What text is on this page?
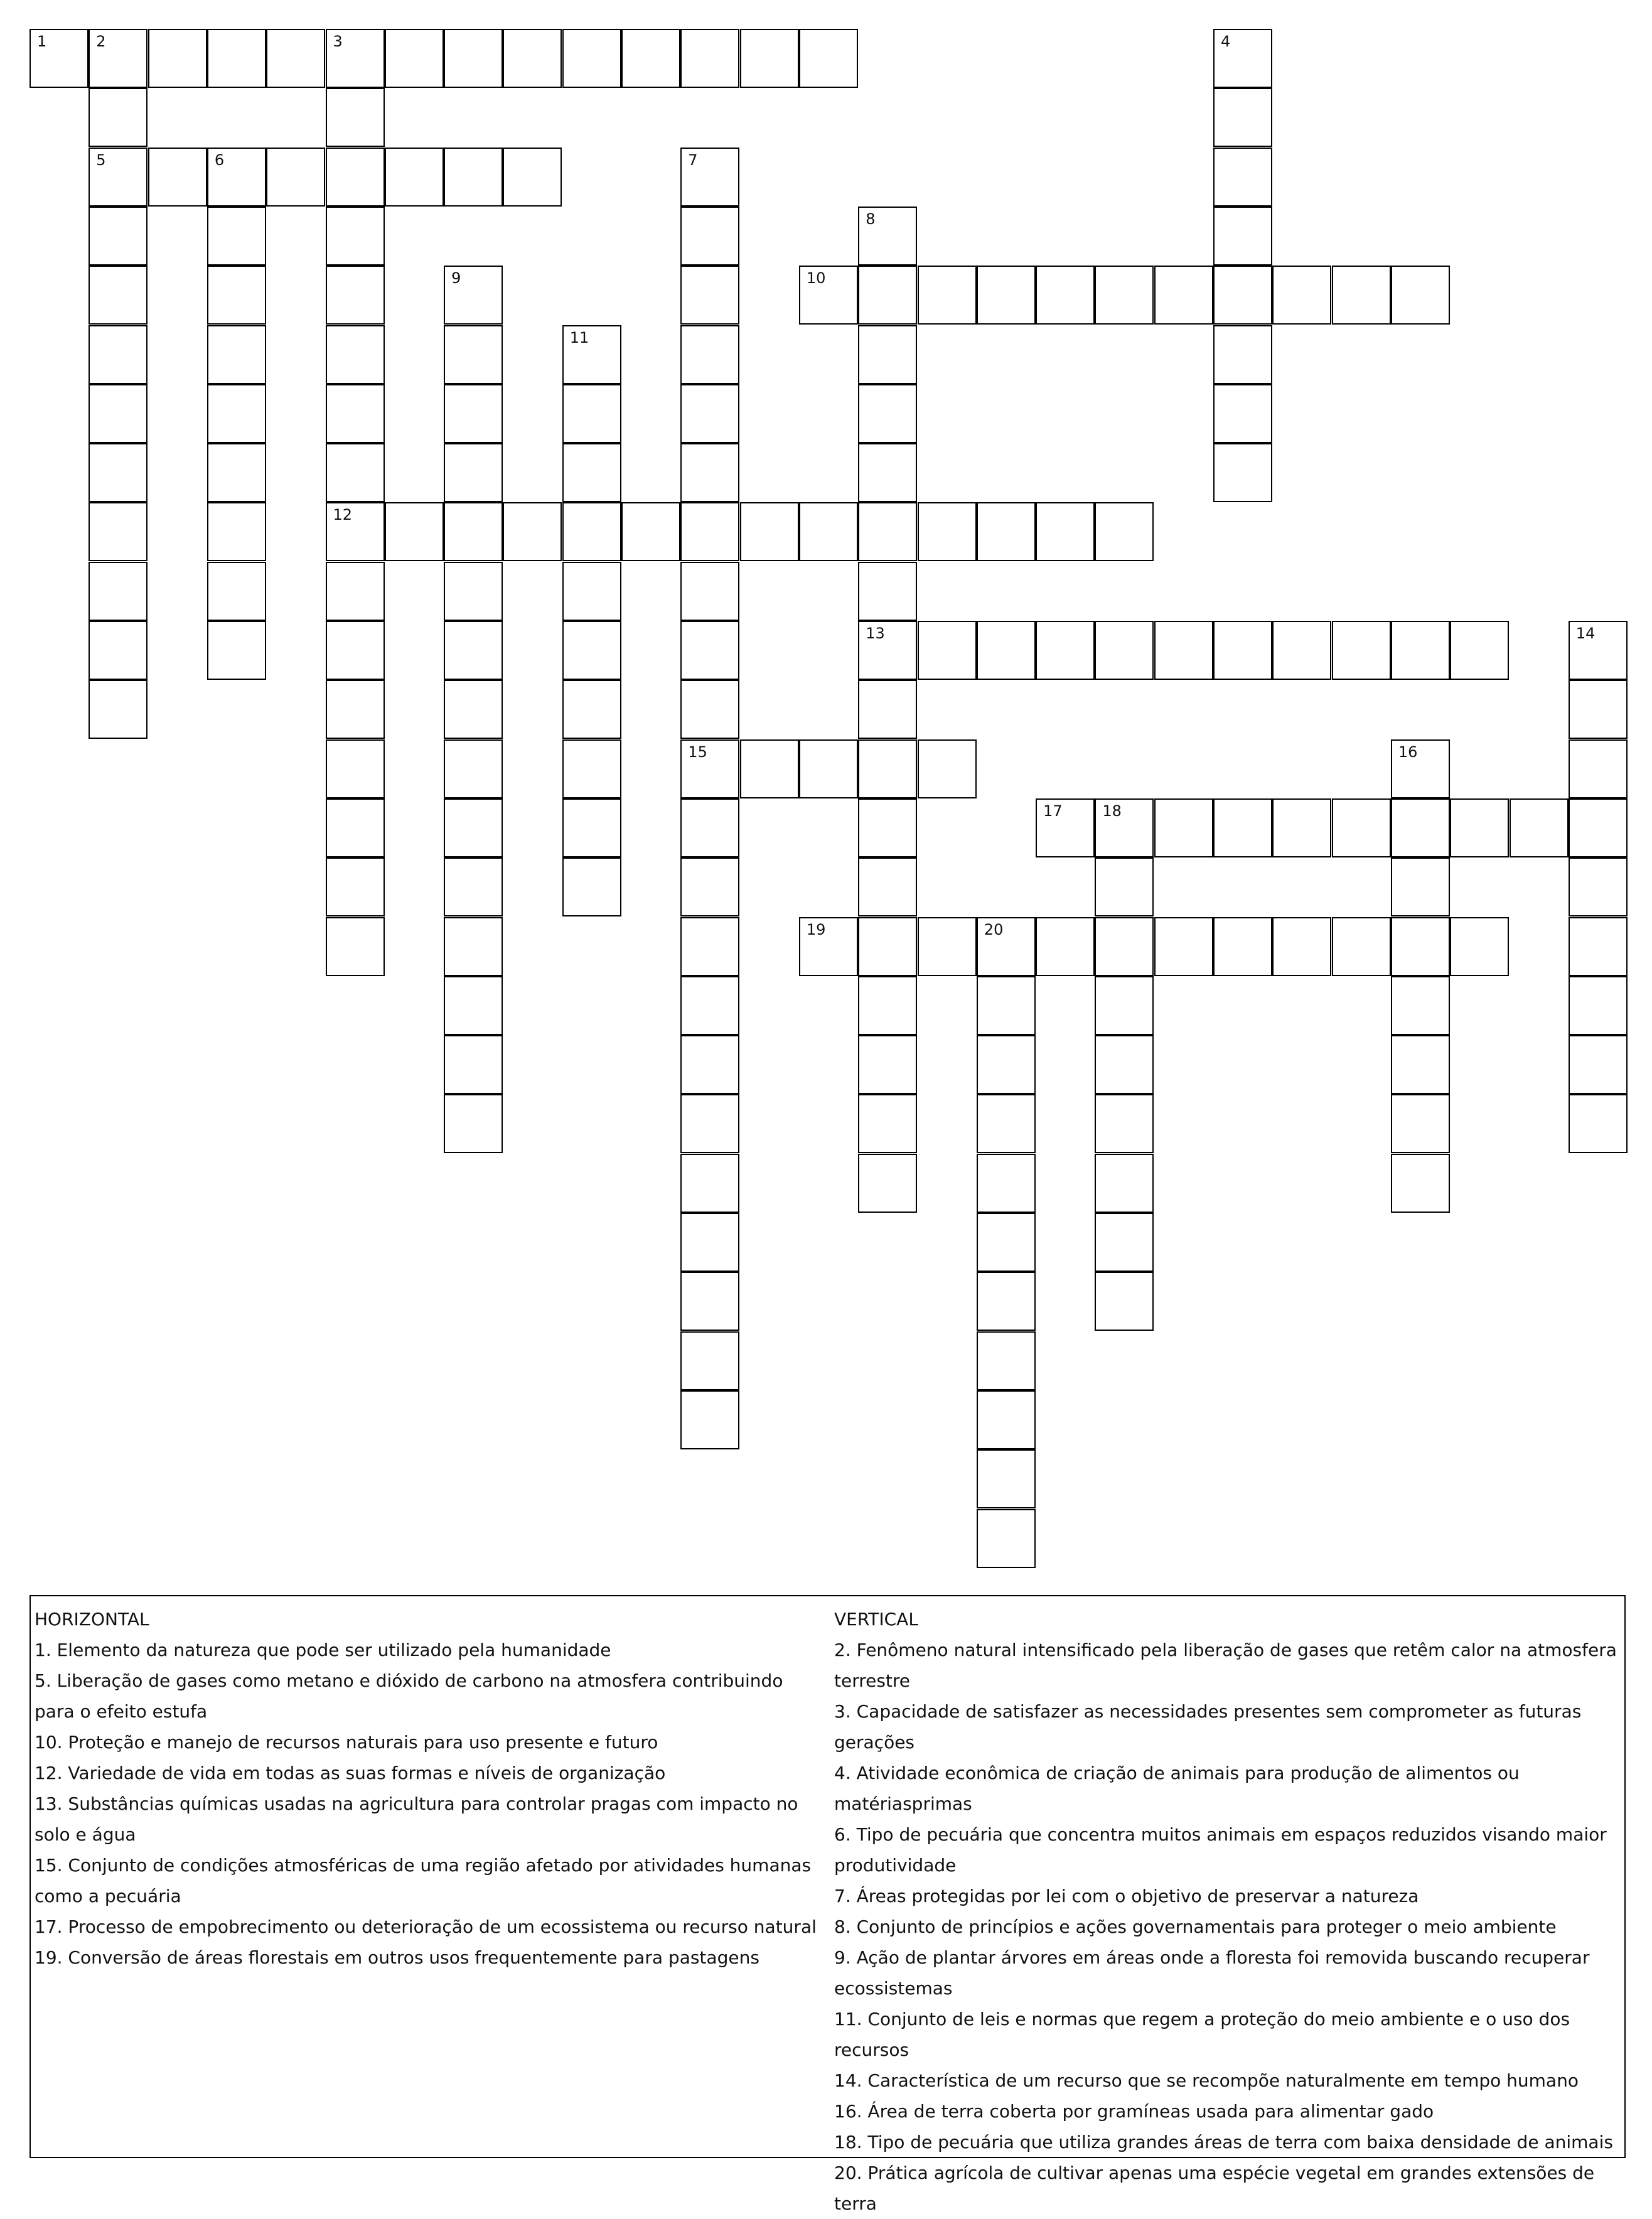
1	2	3
5
12
4
6	7
15
8
13
9	10
11
14
16
17	18
19	20
HORIZONTAL
1. Elemento da natureza que pode ser utilizado pela humanidade
5. Liberação de gases como metano e dióxido de carbono na atmosfera contribuindo para o efeito estufa
10. Proteção e manejo de recursos naturais para uso presente e futuro
12. Variedade de vida em todas as suas formas e níveis de organização
13. Substâncias químicas usadas na agricultura para controlar pragas com impacto no solo e água
15. Conjunto de condições atmosféricas de uma região afetado por atividades humanas como a pecuária
17. Processo de empobrecimento ou deterioração de um ecossistema ou recurso natural
19. Conversão de áreas florestais em outros usos frequentemente para pastagens
VERTICAL
2. Fenômeno natural intensificado pela liberação de gases que retêm calor na atmosfera terrestre
3. Capacidade de satisfazer as necessidades presentes sem comprometer as futuras gerações
4. Atividade econômica de criação de animais para produção de alimentos ou matériasprimas
6. Tipo de pecuária que concentra muitos animais em espaços reduzidos visando maior produtividade
7. Áreas protegidas por lei com o objetivo de preservar a natureza
8. Conjunto de princípios e ações governamentais para proteger o meio ambiente
9. Ação de plantar árvores em áreas onde a floresta foi removida buscando recuperar ecossistemas
11. Conjunto de leis e normas que regem a proteção do meio ambiente e o uso dos recursos
14. Característica de um recurso que se recompõe naturalmente em tempo humano
16. Área de terra coberta por gramíneas usada para alimentar gado
18. Tipo de pecuária que utiliza grandes áreas de terra com baixa densidade de animais
20. Prática agrícola de cultivar apenas uma espécie vegetal em grandes extensões de terra
